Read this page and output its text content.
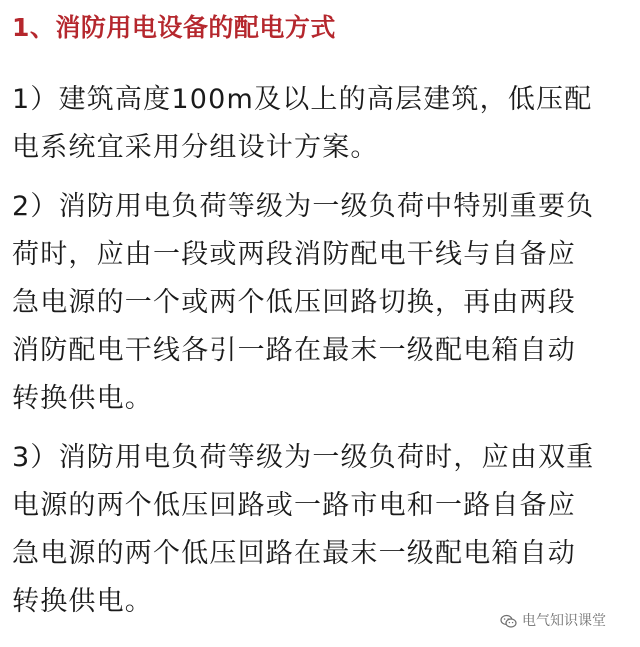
1、消防用电设备的配电方式
1）建筑高度100m及以上的高层建筑，低压配
电系统宜采用分组设计方案。
2）消防用电负荷等级为一级负荷中特别重要负
荷时，应由一段或两段消防配电干线与自备应
急电源的一个或两个低压回路切换，再由两段
消防配电干线各引一路在最末一级配电箱自动
转换供电。
3）消防用电负荷等级为一级负荷时，应由双重
电源的两个低压回路或一路市电和一路自备应
急电源的两个低压回路在最末一级配电箱自动
转换供电。
电气知识课堂
